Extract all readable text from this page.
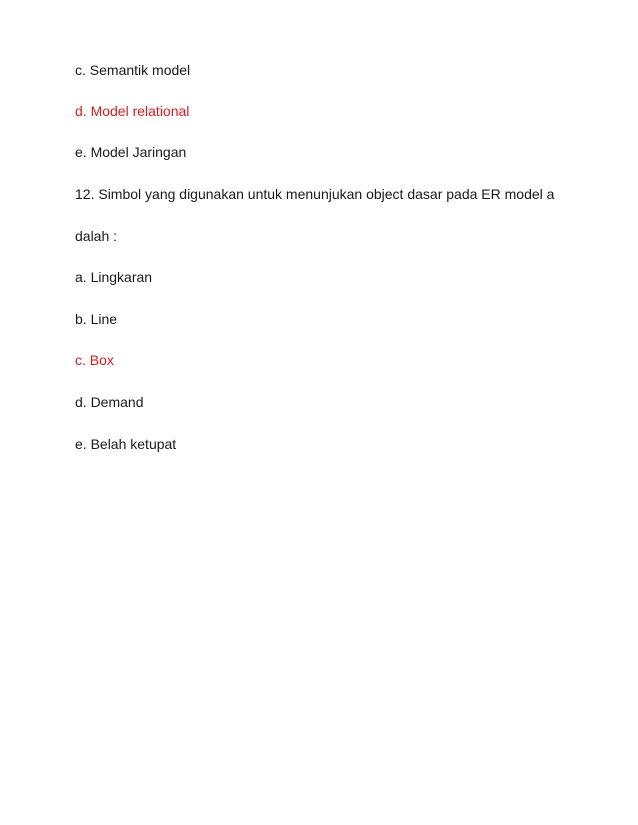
c. Semantik model
d. Model relational
e. Model Jaringan
12. Simbol yang digunakan untuk menunjukan object dasar pada ER model a
dalah :
a. Lingkaran
b. Line
c. Box
d. Demand
e. Belah ketupat
